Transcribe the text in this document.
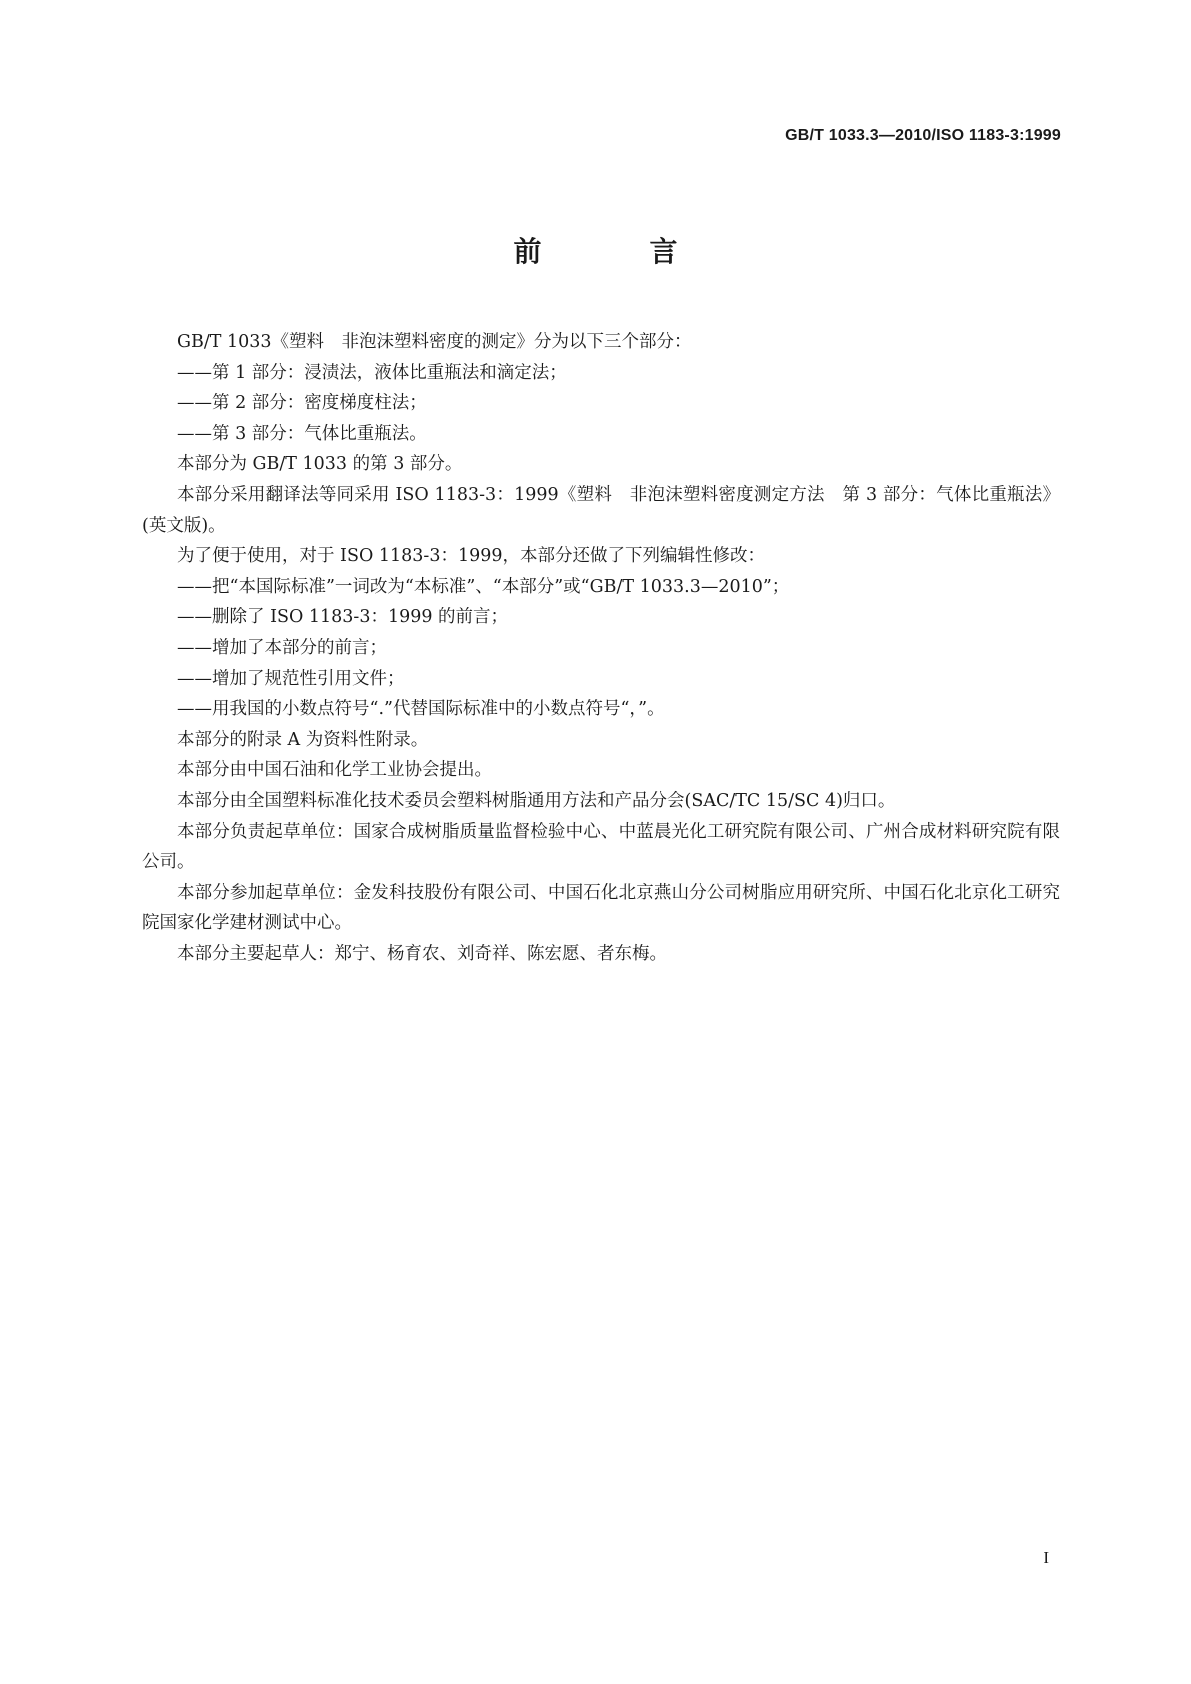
GB/T 1033.3—2010/ISO 1183-3:1999
前　言

GB/T 1033《塑料　非泡沫塑料密度的测定》分为以下三个部分：

——第 1 部分：浸渍法，液体比重瓶法和滴定法；

——第 2 部分：密度梯度柱法；

——第 3 部分：气体比重瓶法。

本部分为 GB/T 1033 的第 3 部分。

本部分采用翻译法等同采用 ISO 1183-3：1999《塑料　非泡沫塑料密度测定方法　第 3 部分：气体比重瓶法》(英文版)。

为了便于使用，对于 ISO 1183-3：1999，本部分还做了下列编辑性修改：

——把“本国际标准”一词改为“本标准”、“本部分”或“GB/T 1033.3—2010”；

——删除了 ISO 1183-3：1999 的前言；

——增加了本部分的前言；

——增加了规范性引用文件；

——用我国的小数点符号“.”代替国际标准中的小数点符号“，”。

本部分的附录 A 为资料性附录。

本部分由中国石油和化学工业协会提出。

本部分由全国塑料标准化技术委员会塑料树脂通用方法和产品分会(SAC/TC 15/SC 4)归口。

本部分负责起草单位：国家合成树脂质量监督检验中心、中蓝晨光化工研究院有限公司、广州合成材料研究院有限公司。

本部分参加起草单位：金发科技股份有限公司、中国石化北京燕山分公司树脂应用研究所、中国石化北京化工研究院国家化学建材测试中心。

本部分主要起草人：郑宁、杨育农、刘奇祥、陈宏愿、者东梅。

I
